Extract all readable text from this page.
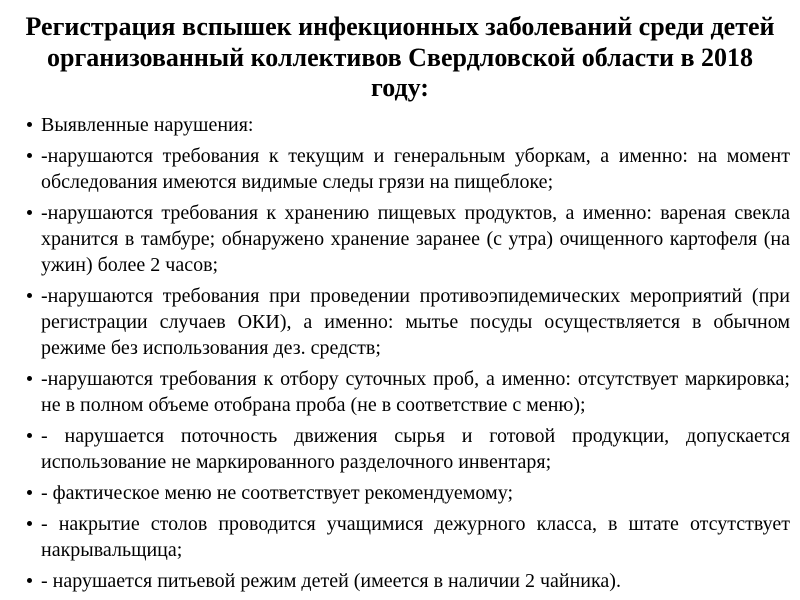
Регистрация вспышек инфекционных заболеваний среди детей организованный коллективов Свердловской области в 2018 году:

Выявленные нарушения:

-нарушаются требования к текущим и генеральным уборкам, а именно: на момент обследования имеются видимые следы грязи на пищеблоке;

-нарушаются требования к хранению пищевых продуктов, а именно: вареная свекла хранится в тамбуре; обнаружено хранение заранее (с утра) очищенного картофеля (на ужин) более 2 часов;

-нарушаются требования при проведении противоэпидемических мероприятий (при регистрации случаев ОКИ), а именно: мытье посуды осуществляется в обычном режиме без использования дез. средств;

-нарушаются требования к отбору суточных проб, а именно: отсутствует маркировка; не в полном объеме отобрана проба (не в соответствие с меню);

- нарушается поточность движения сырья и готовой продукции, допускается использование не маркированного разделочного инвентаря;

- фактическое меню не соответствует рекомендуемому;

- накрытие столов проводится учащимися дежурного класса, в штате отсутствует накрывальщица;

- нарушается питьевой режим детей (имеется в наличии 2 чайника).
